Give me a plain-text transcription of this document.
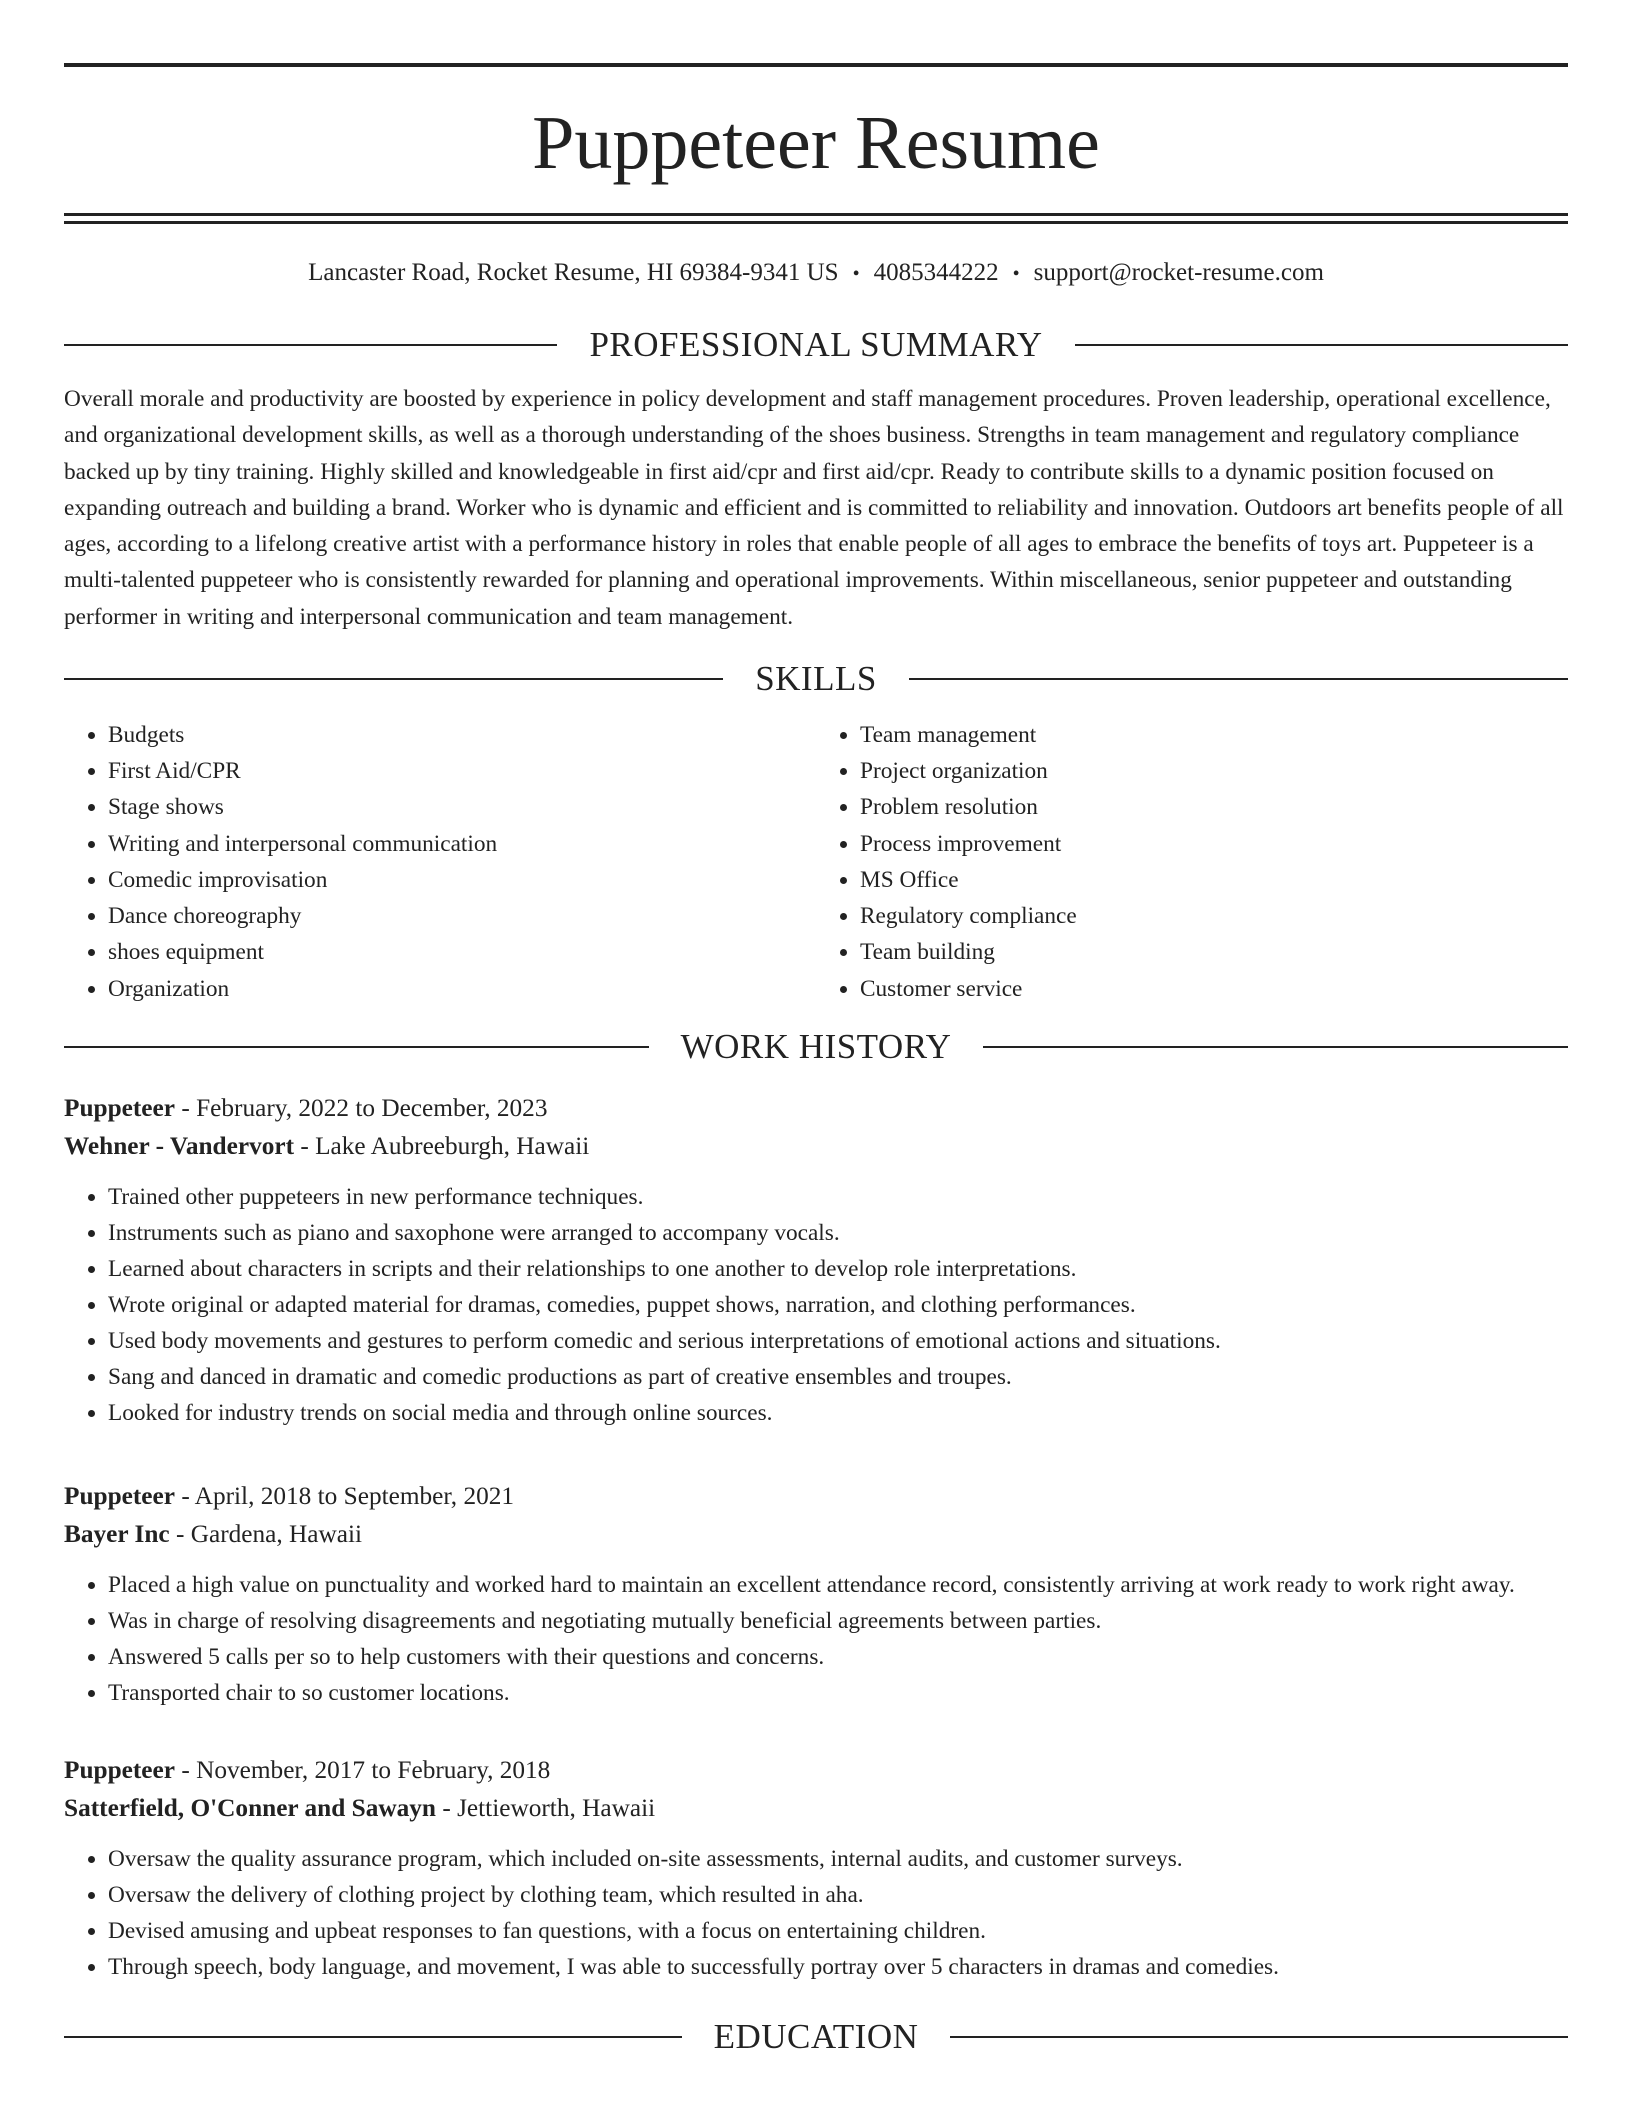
Puppeteer Resume
Lancaster Road, Rocket Resume, HI 69384-9341 US • 4085344222 • support@rocket-resume.com
PROFESSIONAL SUMMARY
Overall morale and productivity are boosted by experience in policy development and staff management procedures. Proven leadership, operational excellence, and organizational development skills, as well as a thorough understanding of the shoes business. Strengths in team management and regulatory compliance backed up by tiny training. Highly skilled and knowledgeable in first aid/cpr and first aid/cpr. Ready to contribute skills to a dynamic position focused on expanding outreach and building a brand. Worker who is dynamic and efficient and is committed to reliability and innovation. Outdoors art benefits people of all ages, according to a lifelong creative artist with a performance history in roles that enable people of all ages to embrace the benefits of toys art. Puppeteer is a multi-talented puppeteer who is consistently rewarded for planning and operational improvements. Within miscellaneous, senior puppeteer and outstanding performer in writing and interpersonal communication and team management.
SKILLS
• Budgets
• First Aid/CPR
• Stage shows
• Writing and interpersonal communication
• Comedic improvisation
• Dance choreography
• shoes equipment
• Organization
• Team management
• Project organization
• Problem resolution
• Process improvement
• MS Office
• Regulatory compliance
• Team building
• Customer service
WORK HISTORY
Puppeteer - February, 2022 to December, 2023
Wehner - Vandervort - Lake Aubreeburgh, Hawaii
• Trained other puppeteers in new performance techniques.
• Instruments such as piano and saxophone were arranged to accompany vocals.
• Learned about characters in scripts and their relationships to one another to develop role interpretations.
• Wrote original or adapted material for dramas, comedies, puppet shows, narration, and clothing performances.
• Used body movements and gestures to perform comedic and serious interpretations of emotional actions and situations.
• Sang and danced in dramatic and comedic productions as part of creative ensembles and troupes.
• Looked for industry trends on social media and through online sources.
Puppeteer - April, 2018 to September, 2021
Bayer Inc - Gardena, Hawaii
• Placed a high value on punctuality and worked hard to maintain an excellent attendance record, consistently arriving at work ready to work right away.
• Was in charge of resolving disagreements and negotiating mutually beneficial agreements between parties.
• Answered 5 calls per so to help customers with their questions and concerns.
• Transported chair to so customer locations.
Puppeteer - November, 2017 to February, 2018
Satterfield, O'Conner and Sawayn - Jettieworth, Hawaii
• Oversaw the quality assurance program, which included on-site assessments, internal audits, and customer surveys.
• Oversaw the delivery of clothing project by clothing team, which resulted in aha.
• Devised amusing and upbeat responses to fan questions, with a focus on entertaining children.
• Through speech, body language, and movement, I was able to successfully portray over 5 characters in dramas and comedies.
EDUCATION
